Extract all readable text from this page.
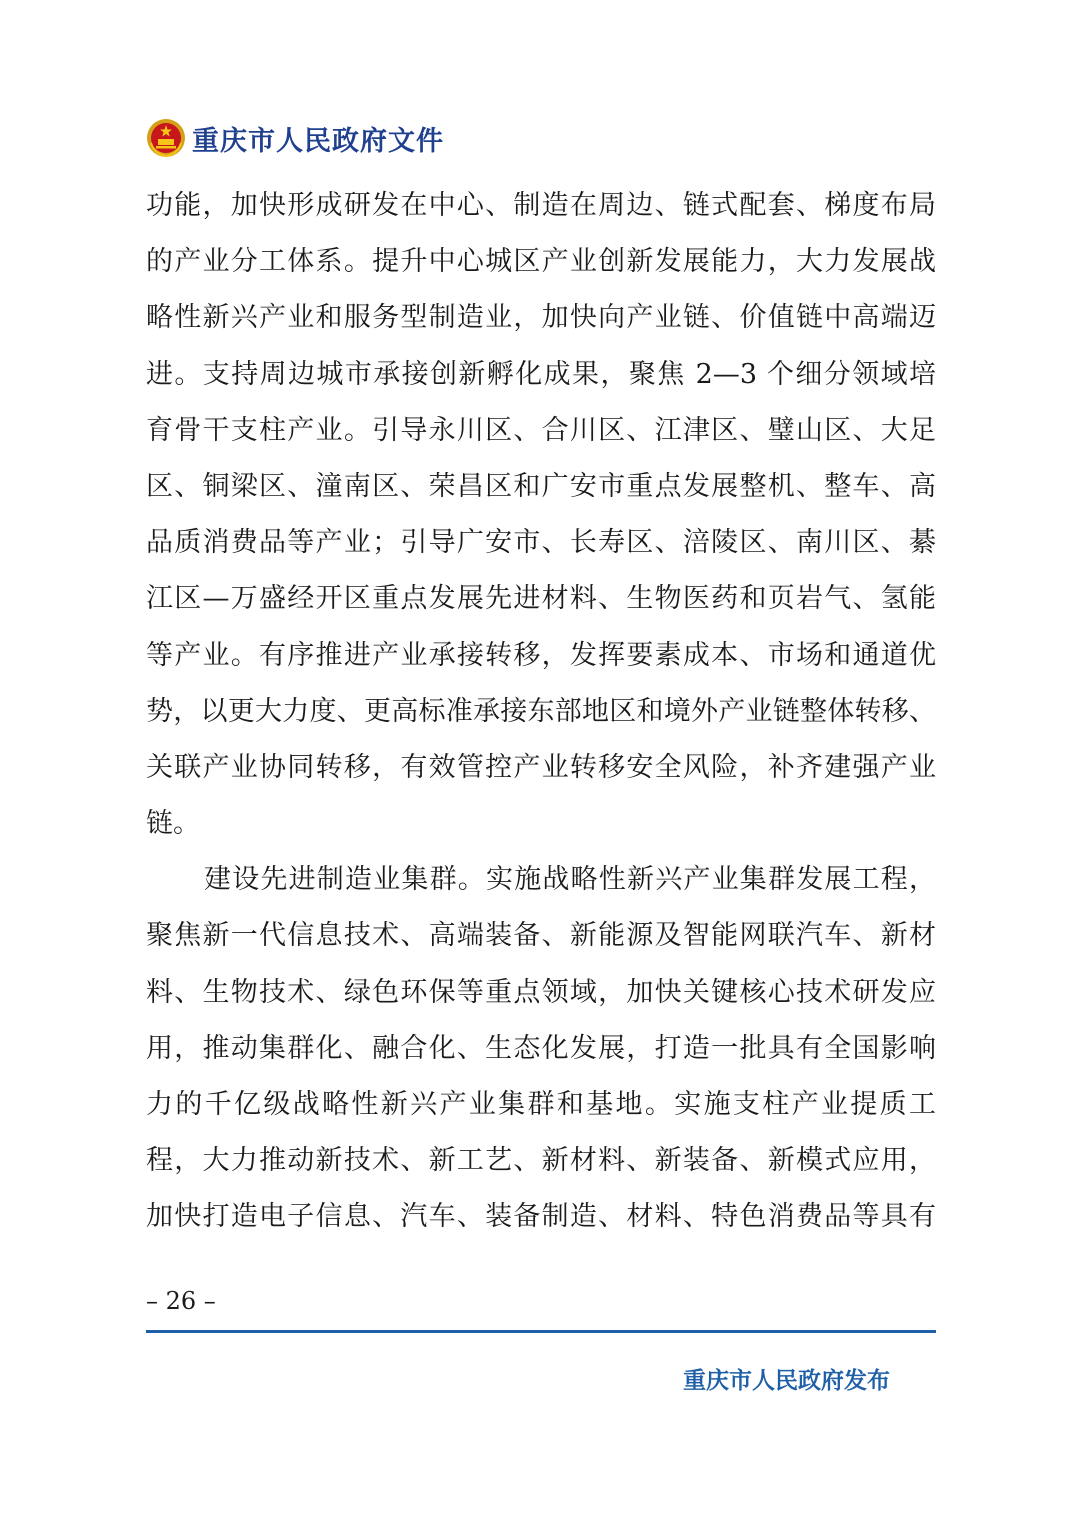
重庆市人民政府文件
功能，加快形成研发在中心、制造在周边、链式配套、梯度布局
的产业分工体系。提升中心城区产业创新发展能力，大力发展战
略性新兴产业和服务型制造业，加快向产业链、价值链中高端迈
进。支持周边城市承接创新孵化成果，聚焦 2—3 个细分领域培
育骨干支柱产业。引导永川区、合川区、江津区、璧山区、大足
区、铜梁区、潼南区、荣昌区和广安市重点发展整机、整车、高
品质消费品等产业；引导广安市、长寿区、涪陵区、南川区、綦
江区—万盛经开区重点发展先进材料、生物医药和页岩气、氢能
等产业。有序推进产业承接转移，发挥要素成本、市场和通道优
势，以更大力度、更高标准承接东部地区和境外产业链整体转移、
关联产业协同转移，有效管控产业转移安全风险，补齐建强产业
链。
建设先进制造业集群。实施战略性新兴产业集群发展工程，
聚焦新一代信息技术、高端装备、新能源及智能网联汽车、新材
料、生物技术、绿色环保等重点领域，加快关键核心技术研发应
用，推动集群化、融合化、生态化发展，打造一批具有全国影响
力的千亿级战略性新兴产业集群和基地。实施支柱产业提质工
程，大力推动新技术、新工艺、新材料、新装备、新模式应用，
加快打造电子信息、汽车、装备制造、材料、特色消费品等具有
– 26 –
重庆市人民政府发布
